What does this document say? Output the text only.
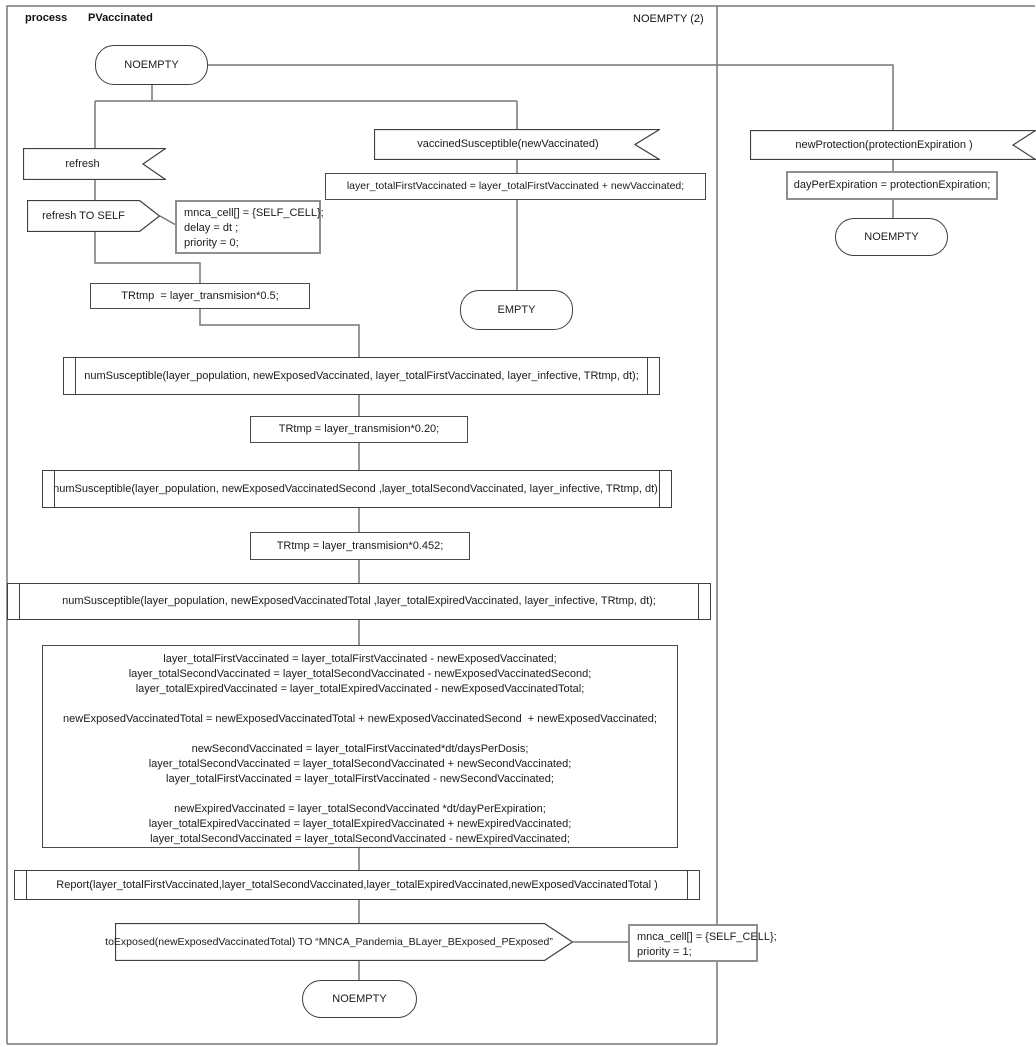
process PVaccinated	NOEMPTY (2)
NOEMPTY
refresh
refresh TO SELF	mnca_cell[] = {SELF_CELL};
delay = dt ;
priority = 0;
TRtmp  = layer_transmision*0.5;
vaccinedSusceptible(newVaccinated)
layer_totalFirstVaccinated = layer_totalFirstVaccinated + newVaccinated;
EMPTY
numSusceptible(layer_population, newExposedVaccinated, layer_totalFirstVaccinated, layer_infective, TRtmp, dt);
TRtmp = layer_transmision*0.20;
numSusceptible(layer_population, newExposedVaccinatedSecond ,layer_totalSecondVaccinated, layer_infective, TRtmp, dt);
TRtmp = layer_transmision*0.452;
numSusceptible(layer_population, newExposedVaccinatedTotal ,layer_totalExpiredVaccinated, layer_infective, TRtmp, dt);
layer_totalFirstVaccinated = layer_totalFirstVaccinated - newExposedVaccinated;
layer_totalSecondVaccinated = layer_totalSecondVaccinated - newExposedVaccinatedSecond;
layer_totalExpiredVaccinated = layer_totalExpiredVaccinated - newExposedVaccinatedTotal;
newExposedVaccinatedTotal = newExposedVaccinatedTotal + newExposedVaccinatedSecond  + newExposedVaccinated;
newSecondVaccinated = layer_totalFirstVaccinated*dt/daysPerDosis;
layer_totalSecondVaccinated = layer_totalSecondVaccinated + newSecondVaccinated;
layer_totalFirstVaccinated = layer_totalFirstVaccinated - newSecondVaccinated;
newExpiredVaccinated = layer_totalSecondVaccinated *dt/dayPerExpiration;
layer_totalExpiredVaccinated = layer_totalExpiredVaccinated + newExpiredVaccinated;
layer_totalSecondVaccinated = layer_totalSecondVaccinated - newExpiredVaccinated;
Report(layer_totalFirstVaccinated,layer_totalSecondVaccinated,layer_totalExpiredVaccinated,newExposedVaccinatedTotal )
toExposed(newExposedVaccinatedTotal) TO “MNCA_Pandemia_BLayer_BExposed_PExposed”	mnca_cell[] = {SELF_CELL};
priority = 1;
NOEMPTY
newProtection(protectionExpiration )
dayPerExpiration = protectionExpiration;
NOEMPTY
